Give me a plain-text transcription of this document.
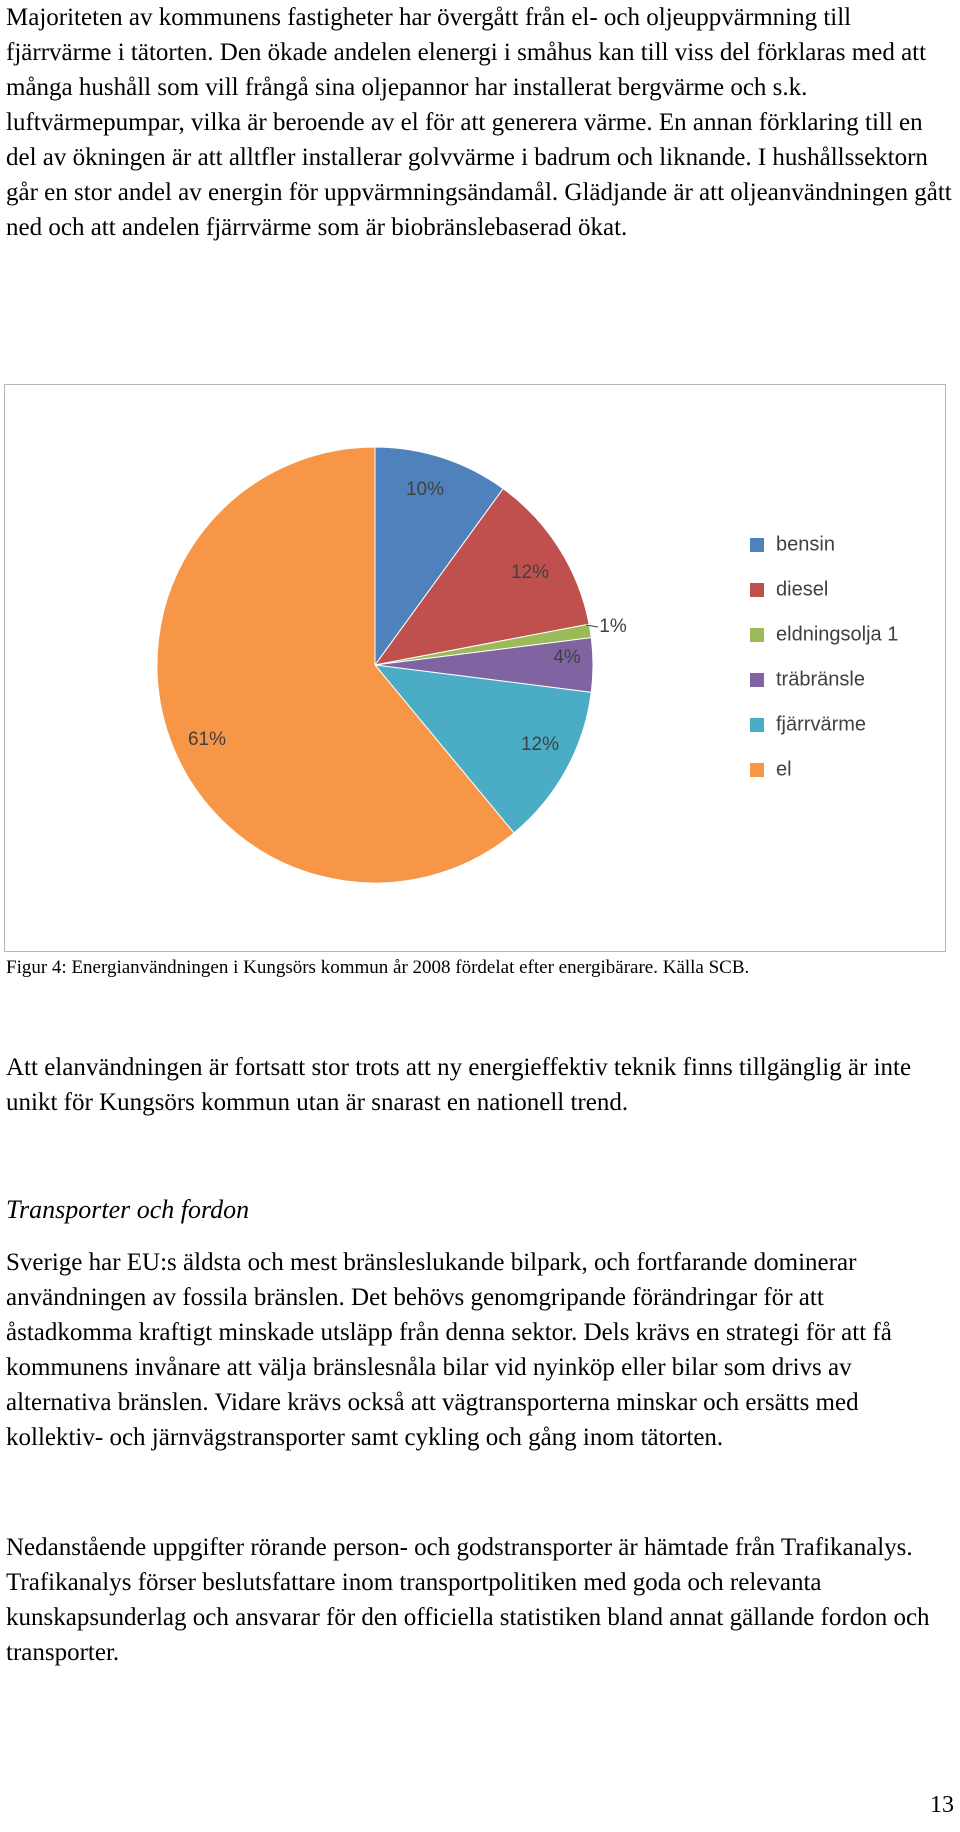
Majoriteten av kommunens fastigheter har övergått från el- och oljeuppvärmning till fjärrvärme i tätorten. Den ökade andelen elenergi i småhus kan till viss del förklaras med att många hushåll som vill frångå sina oljepannor har installerat bergvärme och s.k. luftvärmepumpar, vilka är beroende av el för att generera värme. En annan förklaring till en del av ökningen är att alltfler installerar golvvärme i badrum och liknande. I hushållssektorn går en stor andel av energin för uppvärmningsändamål. Glädjande är att oljeanvändningen gått ned och att andelen fjärrvärme som är biobränslebaserad ökat.

10%
12%
1%
4%
12%
61%
bensin
diesel
eldningsolja 1
träbränsle
fjärrvärme
el

Figur 4: Energianvändningen i Kungsörs kommun år 2008 fördelat efter energibärare. Källa SCB.

Att elanvändningen är fortsatt stor trots att ny energieffektiv teknik finns tillgänglig är inte unikt för Kungsörs kommun utan är snarast en nationell trend.

Transporter och fordon

Sverige har EU:s äldsta och mest bränsleslukande bilpark, och fortfarande dominerar användningen av fossila bränslen. Det behövs genomgripande förändringar för att åstadkomma kraftigt minskade utsläpp från denna sektor. Dels krävs en strategi för att få kommunens invånare att välja bränslesnåla bilar vid nyinköp eller bilar som drivs av alternativa bränslen. Vidare krävs också att vägtransporterna minskar och ersätts med kollektiv- och järnvägstransporter samt cykling och gång inom tätorten.

Nedanstående uppgifter rörande person- och godstransporter är hämtade från Trafikanalys. Trafikanalys förser beslutsfattare inom transportpolitiken med goda och relevanta kunskapsunderlag och ansvarar för den officiella statistiken bland annat gällande fordon och transporter.

13
